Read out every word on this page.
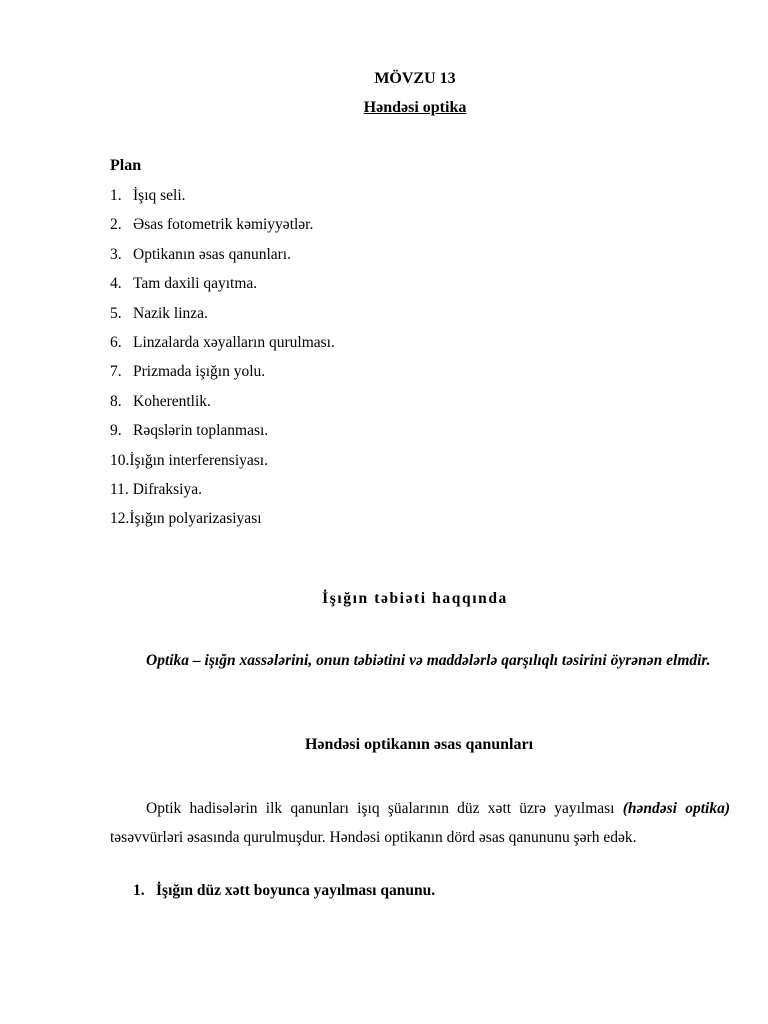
MÖVZU 13
Həndəsi optika
Plan
1. İşıq seli.
2. Əsas fotometrik kəmiyyətlər.
3. Optikanın əsas qanunları.
4. Tam daxili qayıtma.
5. Nazik linza.
6. Linzalarda xəyalların qurulması.
7. Prizmada işığın yolu.
8. Koherentlik.
9. Rəqslərin toplanması.
10.İşığın interferensiyası.
11. Difraksiya.
12.İşığın polyarizasiyası
İşığın təbiəti haqqında

Optika – işığn xassələrini, onun təbiətini və maddələrlə qarşılıqlı təsirini öyrənən elmdir.

Həndəsi optikanın əsas qanunları

Optik hadisələrin ilk qanunları işıq şüalarının düz xətt üzrə yayılması (həndəsi optika) təsəvvürləri əsasında qurulmuşdur. Həndəsi optikanın dörd əsas qanununu şərh edək.

1. İşığın düz xətt boyunca yayılması qanunu.
